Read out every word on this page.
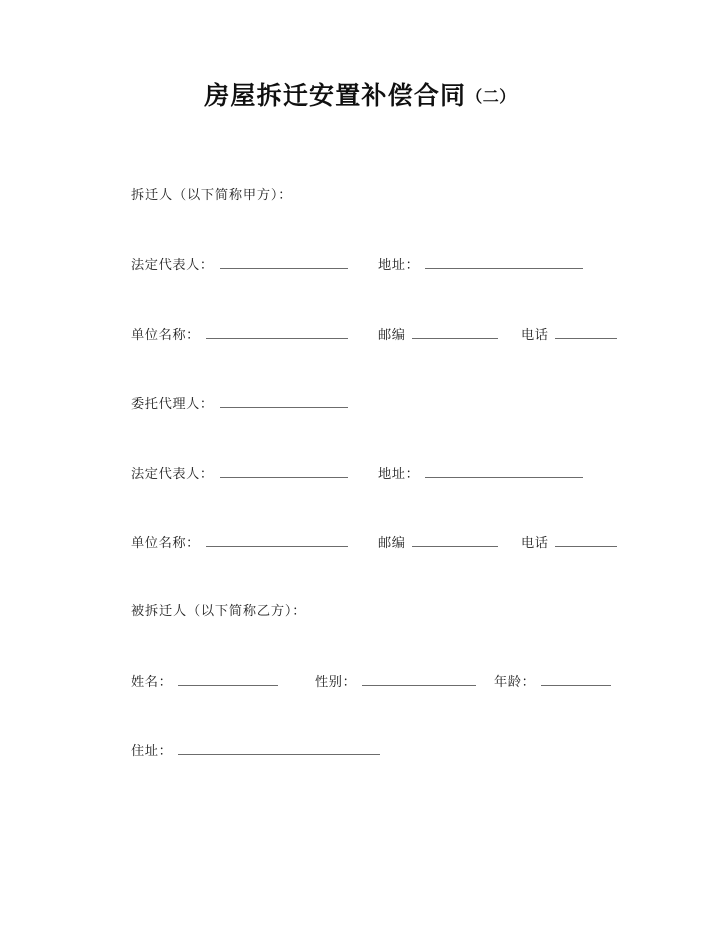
房屋拆迁安置补偿合同（二）
拆迁人（以下简称甲方）：
法定代表人：	地址：
单位名称：	邮编	电话
委托代理人：
法定代表人：	地址：
单位名称：	邮编	电话
被拆迁人（以下简称乙方）：
姓名：	性别：	年龄：
住址：
